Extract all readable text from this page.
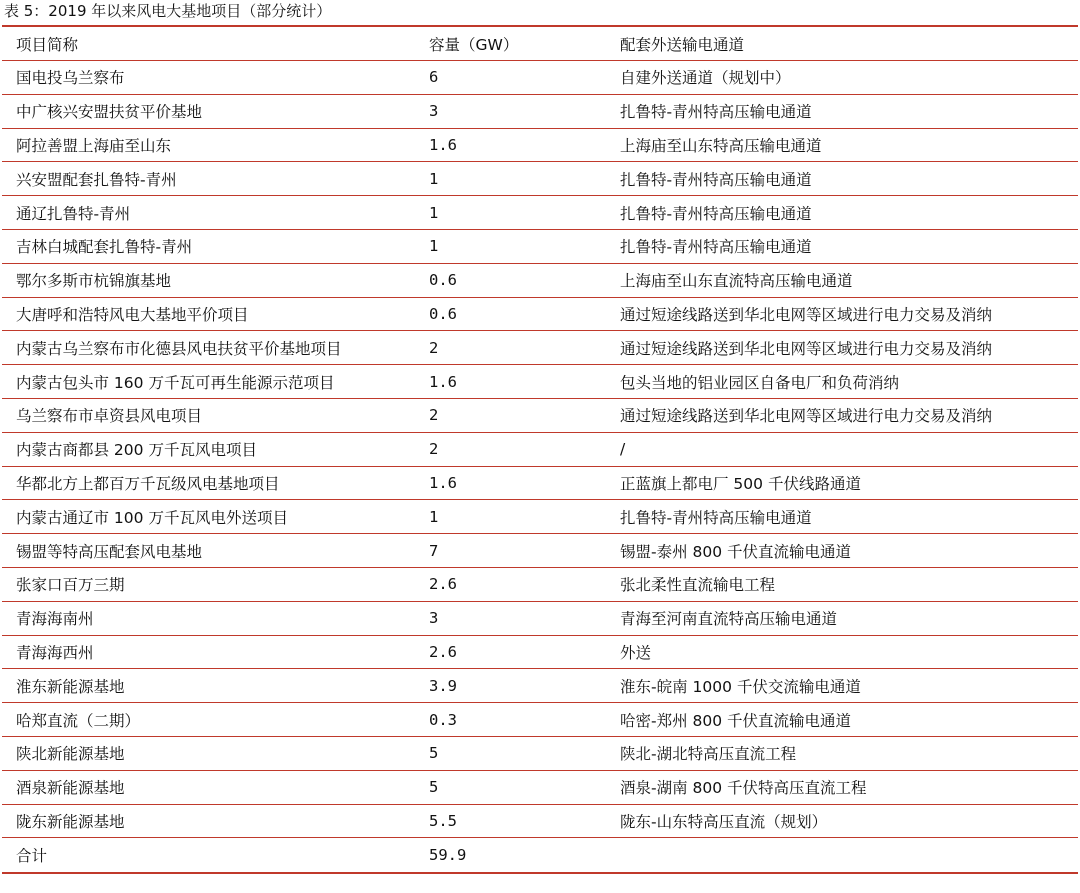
表 5：2019 年以来风电大基地项目（部分统计）
项目简称	容量（GW）	配套外送输电通道
国电投乌兰察布	6	自建外送通道（规划中）
中广核兴安盟扶贫平价基地	3	扎鲁特-青州特高压输电通道
阿拉善盟上海庙至山东	1.6	上海庙至山东特高压输电通道
兴安盟配套扎鲁特-青州	1	扎鲁特-青州特高压输电通道
通辽扎鲁特-青州	1	扎鲁特-青州特高压输电通道
吉林白城配套扎鲁特-青州	1	扎鲁特-青州特高压输电通道
鄂尔多斯市杭锦旗基地	0.6	上海庙至山东直流特高压输电通道
大唐呼和浩特风电大基地平价项目	0.6	通过短途线路送到华北电网等区域进行电力交易及消纳
内蒙古乌兰察布市化德县风电扶贫平价基地项目	2	通过短途线路送到华北电网等区域进行电力交易及消纳
内蒙古包头市 160 万千瓦可再生能源示范项目	1.6	包头当地的铝业园区自备电厂和负荷消纳
乌兰察布市卓资县风电项目	2	通过短途线路送到华北电网等区域进行电力交易及消纳
内蒙古商都县 200 万千瓦风电项目	2	/
华都北方上都百万千瓦级风电基地项目	1.6	正蓝旗上都电厂 500 千伏线路通道
内蒙古通辽市 100 万千瓦风电外送项目	1	扎鲁特-青州特高压输电通道
锡盟等特高压配套风电基地	7	锡盟-泰州 800 千伏直流输电通道
张家口百万三期	2.6	张北柔性直流输电工程
青海海南州	3	青海至河南直流特高压输电通道
青海海西州	2.6	外送
淮东新能源基地	3.9	淮东-皖南 1000 千伏交流输电通道
哈郑直流（二期）	0.3	哈密-郑州 800 千伏直流输电通道
陕北新能源基地	5	陕北-湖北特高压直流工程
酒泉新能源基地	5	酒泉-湖南 800 千伏特高压直流工程
陇东新能源基地	5.5	陇东-山东特高压直流（规划）
合计	59.9
